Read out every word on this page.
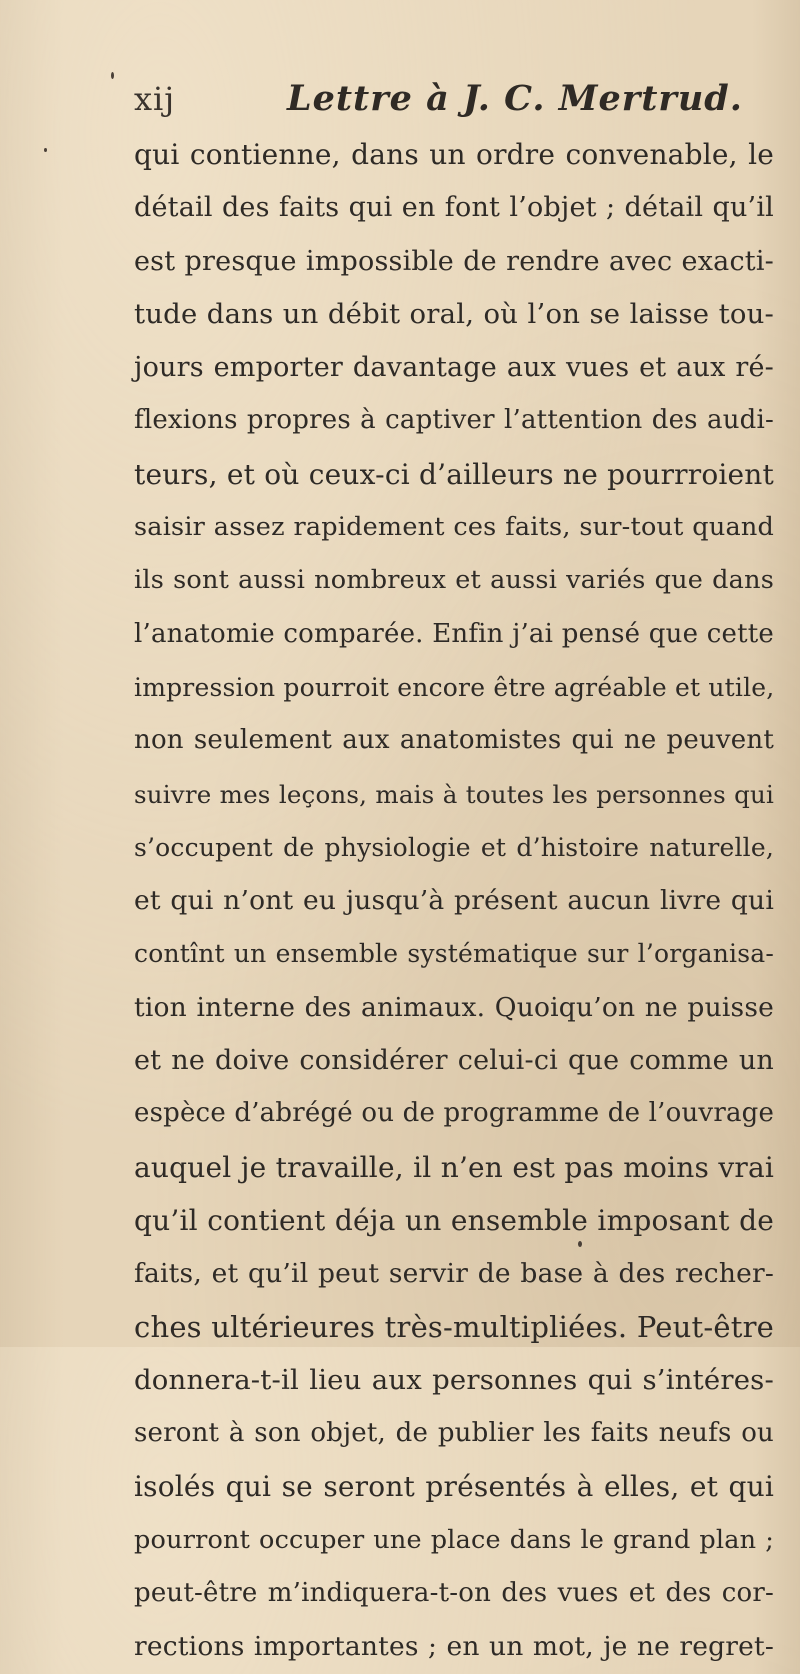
xij	Lettre à J. C. Mertrud.
qui contienne, dans un ordre convenable, le
détail des faits qui en font l’objet ; détail qu’il
est presque impossible de rendre avec exacti-
tude dans un débit oral, où l’on se laisse tou-
jours emporter davantage aux vues et aux ré-
flexions propres à captiver l’attention des audi-
teurs, et où ceux-ci d’ailleurs ne pourrroient
saisir assez rapidement ces faits, sur-tout quand
ils sont aussi nombreux et aussi variés que dans
l’anatomie comparée. Enfin j’ai pensé que cette
impression pourroit encore être agréable et utile,
non seulement aux anatomistes qui ne peuvent
suivre mes leçons, mais à toutes les personnes qui
s’occupent de physiologie et d’histoire naturelle,
et qui n’ont eu jusqu’à présent aucun livre qui
contînt un ensemble systématique sur l’organisa-
tion interne des animaux. Quoiqu’on ne puisse
et ne doive considérer celui-ci que comme un
espèce d’abrégé ou de programme de l’ouvrage
auquel je travaille, il n’en est pas moins vrai
qu’il contient déja un ensemble imposant de
faits, et qu’il peut servir de base à des recher-
ches ultérieures très-multipliées. Peut-être
donnera-t-il lieu aux personnes qui s’intéres-
seront à son objet, de publier les faits neufs ou
isolés qui se seront présentés à elles, et qui
pourront occuper une place dans le grand plan ;
peut-être m’indiquera-t-on des vues et des cor-
rections importantes ; en un mot, je ne regret-
